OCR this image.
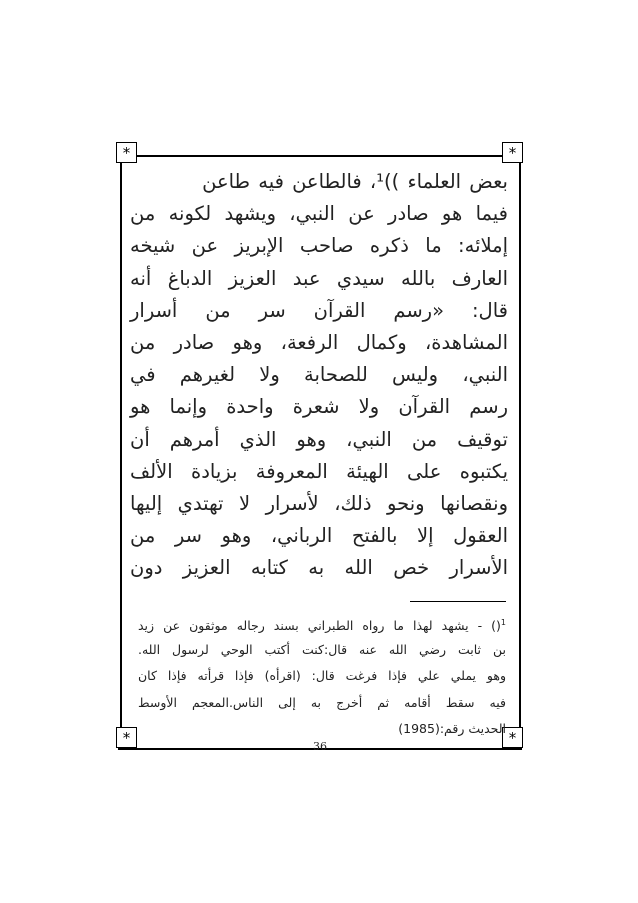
*	*
*	*
بعض العلماء ))¹، فالطاعن فيه طاعن
فيما هو صادر عن النبي، ويشهد لكونه من
إملائه: ما ذكره صاحب الإبريز عن شيخه
العارف بالله سيدي عبد العزيز الدباغ أنه
قال: «رسم القرآن سر من أسرار
المشاهدة، وكمال الرفعة، وهو صادر من
النبي، وليس للصحابة ولا لغيرهم في
رسم القرآن ولا شعرة واحدة وإنما هو
توقيف من النبي، وهو الذي أمرهم أن
يكتبوه على الهيئة المعروفة بزيادة الألف
ونقصانها ونحو ذلك، لأسرار لا تهتدي إليها
العقول إلا بالفتح الرباني، وهو سر من
الأسرار خص الله به كتابه العزيز دون
$^1$() - يشهد لهذا ما رواه الطبراني بسند رجاله موثقون عن زيد
بن ثابت رضي الله عنه قال:كنت أكتب الوحي لرسول الله.
وهو يملي علي فإذا فرغت قال: (اقرأه) فإذا قرأته فإذا كان
فيه سقط أقامه ثم أخرج به إلى الناس.المعجم الأوسط
الحديث رقم:(1985)
36
